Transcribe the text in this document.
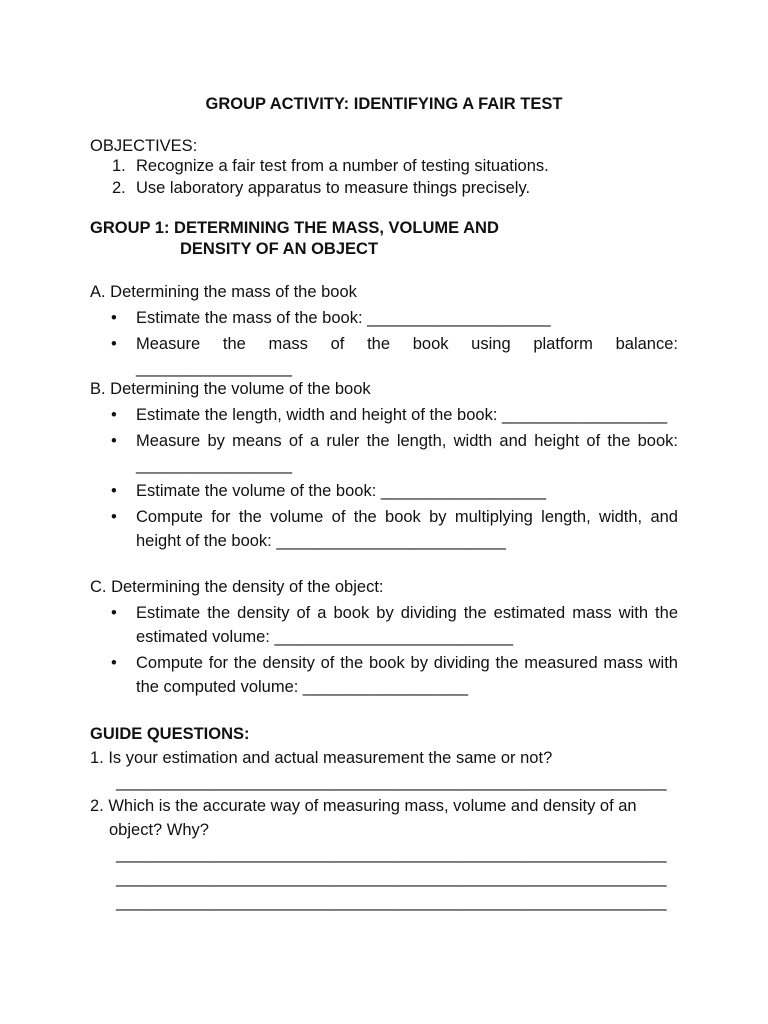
GROUP ACTIVITY: IDENTIFYING A FAIR TEST
OBJECTIVES:
1. Recognize a fair test from a number of testing situations.
2. Use laboratory apparatus to measure things precisely.
GROUP 1: DETERMINING THE MASS, VOLUME AND
DENSITY OF AN OBJECT
A. Determining the mass of the book
• Estimate the mass of the book: ____________________
• Measure the mass of the book using platform balance: _________________
B. Determining the volume of the book
• Estimate the length, width and height of the book: __________________
• Measure by means of a ruler the length, width and height of the book: _________________
• Estimate the volume of the book: __________________
• Compute for the volume of the book by multiplying length, width, and height of the book: _________________________
C. Determining the density of the object:
• Estimate the density of a book by dividing the estimated mass with the estimated volume: __________________________
• Compute for the density of the book by dividing the measured mass with the computed volume: __________________
GUIDE QUESTIONS:
1. Is your estimation and actual measurement the same or not?
____________________________________________________________
2. Which is the accurate way of measuring mass, volume and density of an object? Why?
____________________________________________________________
____________________________________________________________
____________________________________________________________
